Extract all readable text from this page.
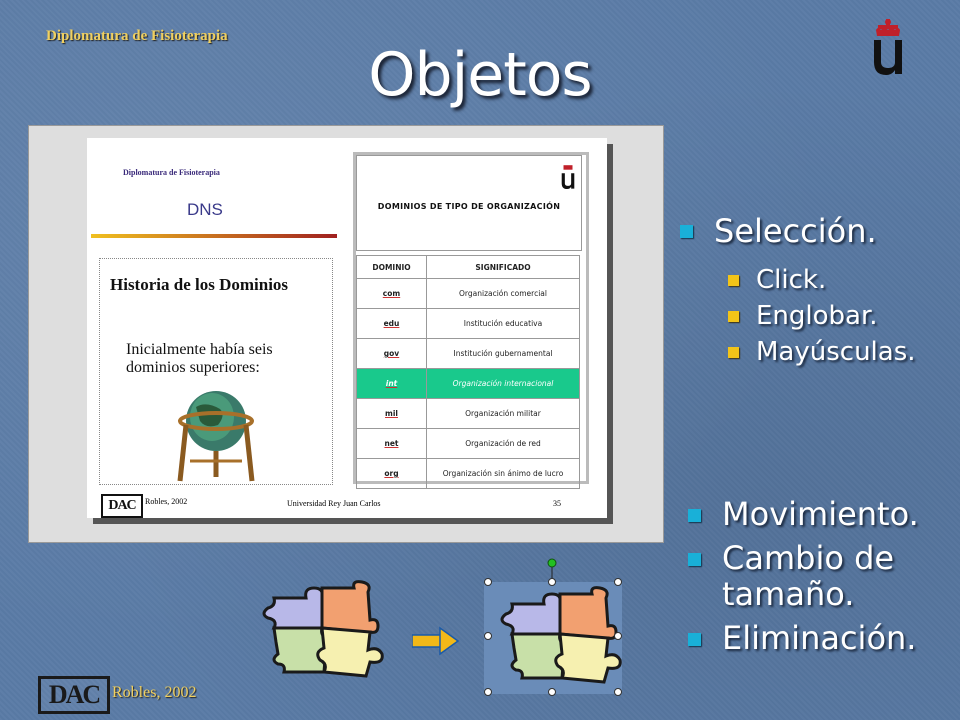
Diplomatura de Fisioterapia
Objetos
Diplomatura de Fisioterapia
DNS
Historia de los Dominios
Inicialmente había seis dominios superiores:
DOMINIOS DE TIPO DE ORGANIZACIÓN
DOMINIO	SIGNIFICADO
com	Organización comercial
edu	Institución educativa
gov	Institución gubernamental
int	Organización internacional
mil	Organización militar
net	Organización de red
org	Organización sin ánimo de lucro
DAC	Robles, 2002	Universidad Rey Juan Carlos	35
Selección.
Click.
Englobar.
Mayúsculas.
Movimiento.
Cambio de tamaño.
Eliminación.
DAC Robles, 2002
